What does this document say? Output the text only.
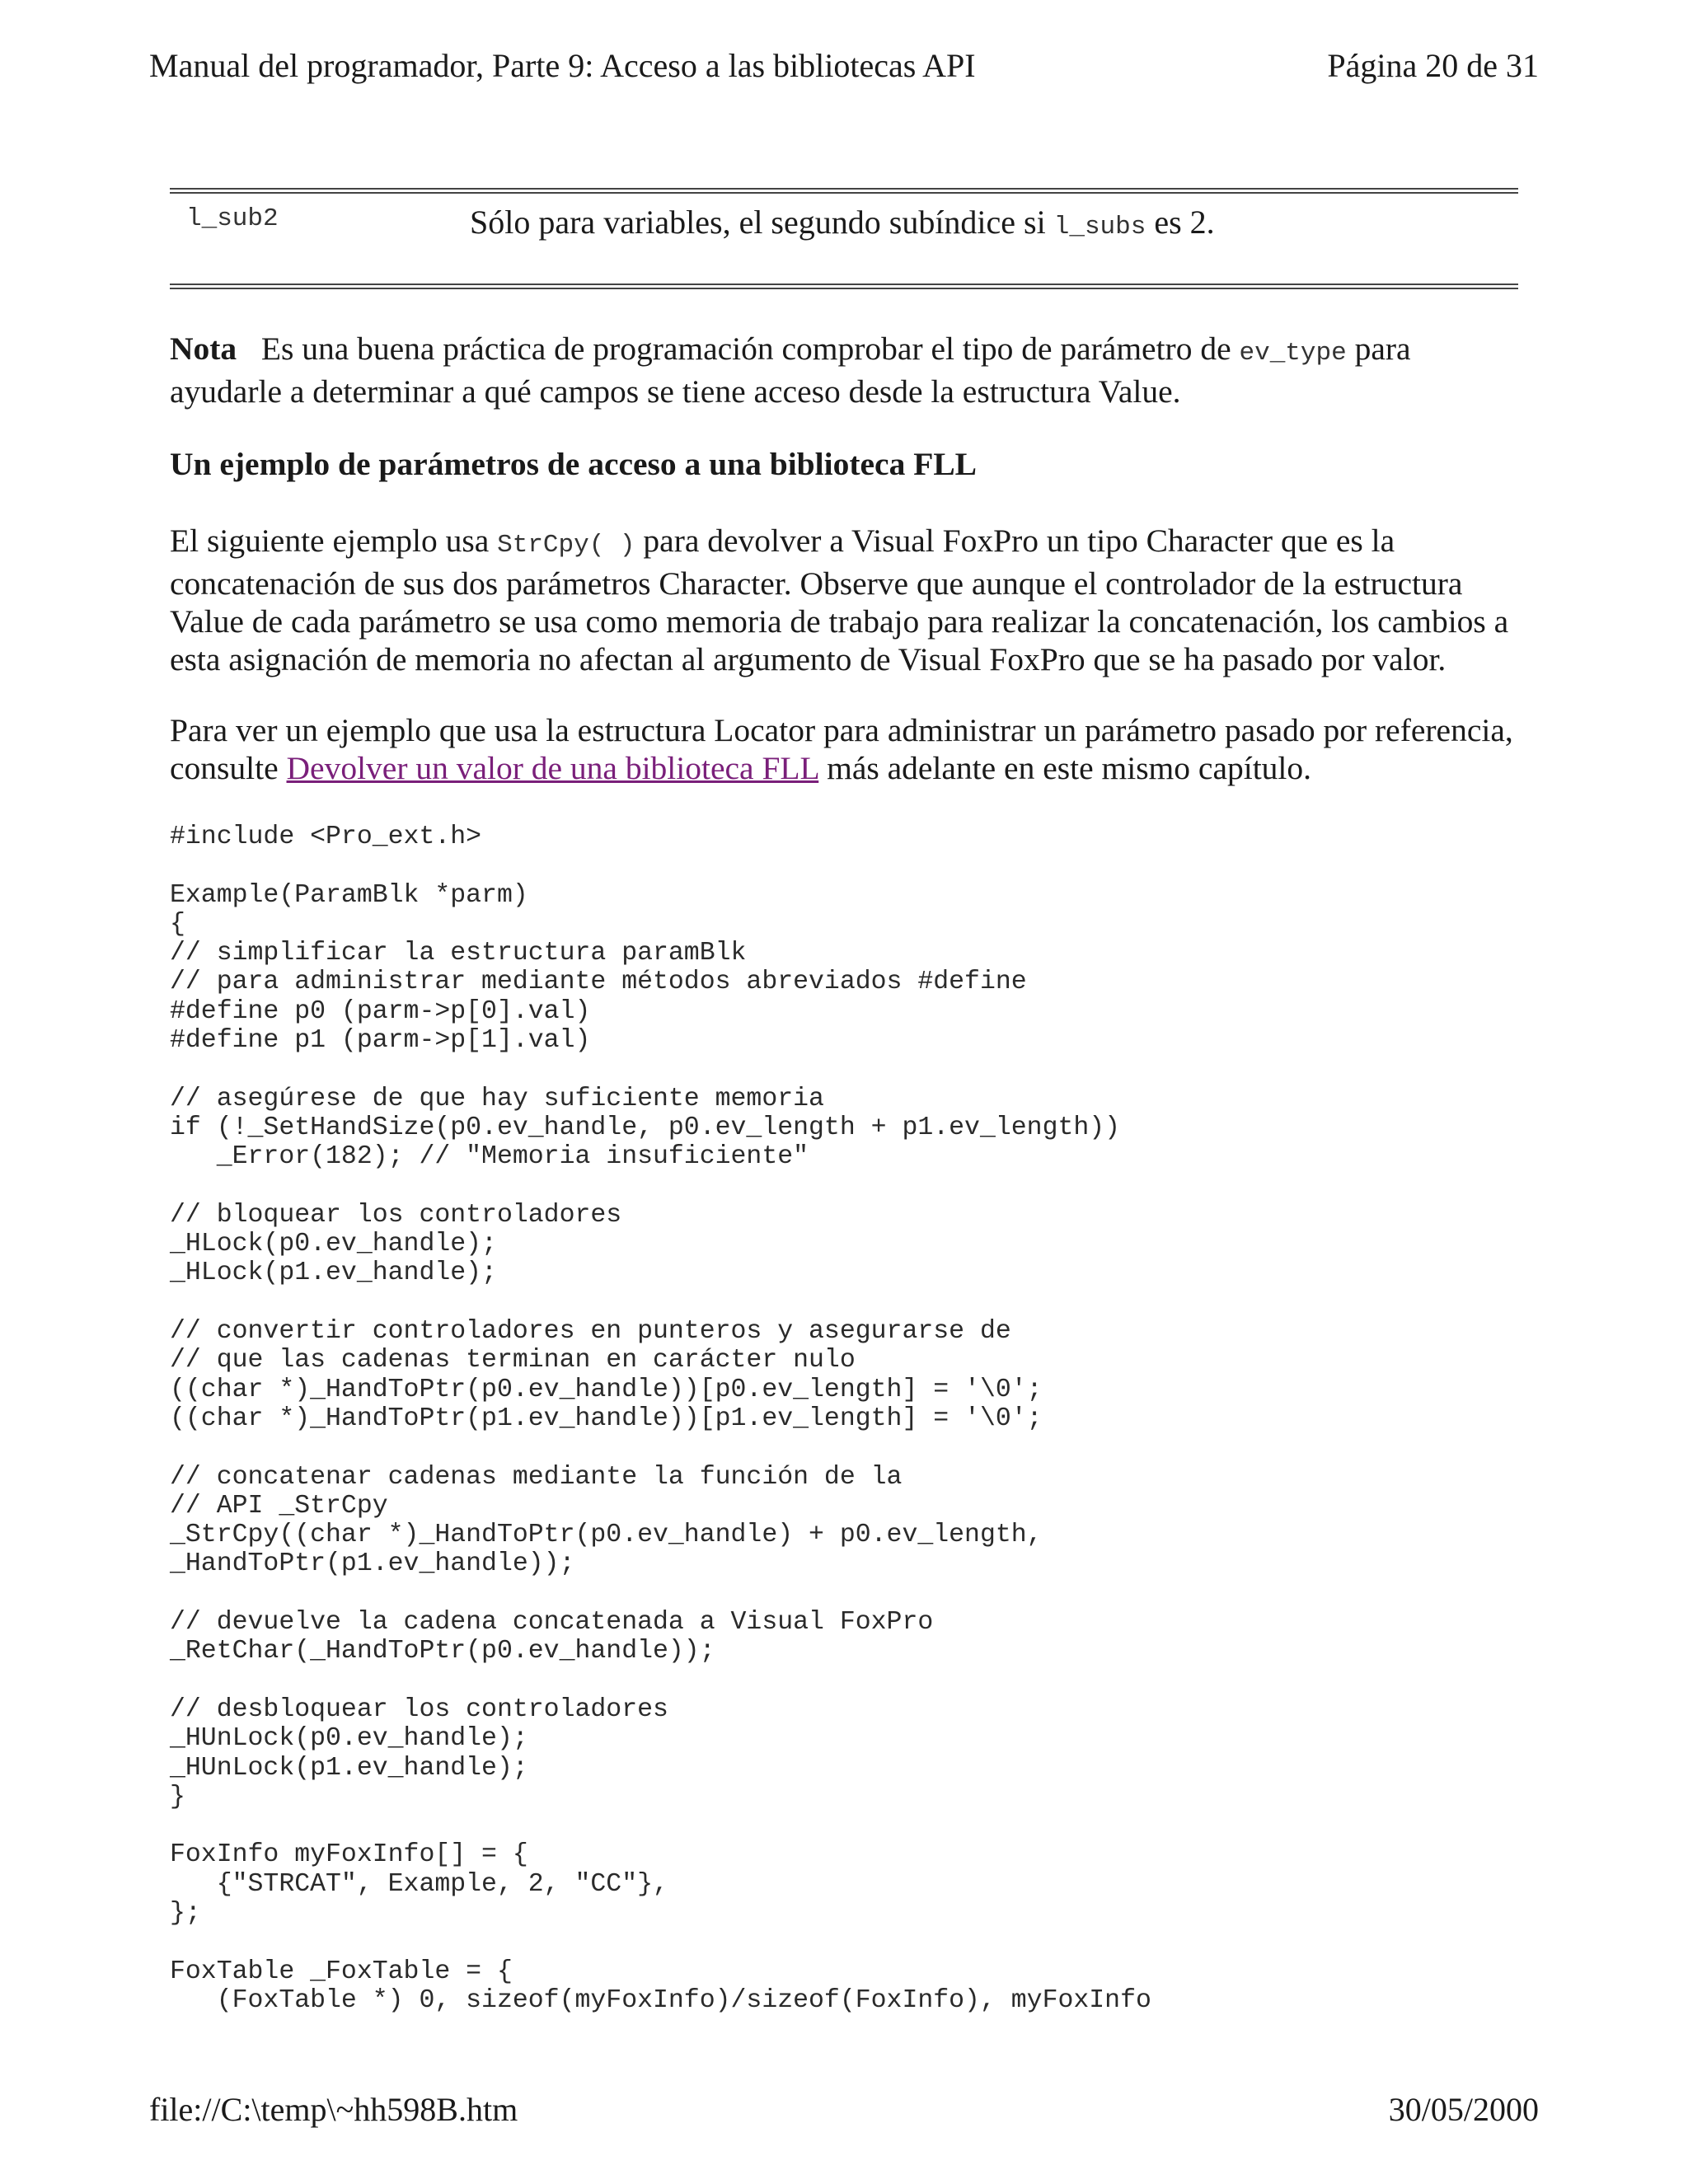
Manual del programador, Parte 9: Acceso a las bibliotecas API	Página 20 de 31
l_sub2	Sólo para variables, el segundo subíndice si l_subs es 2.

Nota Es una buena práctica de programación comprobar el tipo de parámetro de ev_type para ayudarle a determinar a qué campos se tiene acceso desde la estructura Value.

Un ejemplo de parámetros de acceso a una biblioteca FLL

El siguiente ejemplo usa StrCpy( ) para devolver a Visual FoxPro un tipo Character que es la concatenación de sus dos parámetros Character. Observe que aunque el controlador de la estructura Value de cada parámetro se usa como memoria de trabajo para realizar la concatenación, los cambios a esta asignación de memoria no afectan al argumento de Visual FoxPro que se ha pasado por valor.

Para ver un ejemplo que usa la estructura Locator para administrar un parámetro pasado por referencia, consulte Devolver un valor de una biblioteca FLL más adelante en este mismo capítulo.

#include <Pro_ext.h>
Example(ParamBlk *parm)
{
// simplificar la estructura paramBlk
// para administrar mediante métodos abreviados #define
#define p0 (parm->p[0].val)
#define p1 (parm->p[1].val)
// asegúrese de que hay suficiente memoria
if (!_SetHandSize(p0.ev_handle, p0.ev_length + p1.ev_length))
_Error(182); // "Memoria insuficiente"
// bloquear los controladores
_HLock(p0.ev_handle);
_HLock(p1.ev_handle);
// convertir controladores en punteros y asegurarse de
// que las cadenas terminan en carácter nulo
((char *)_HandToPtr(p0.ev_handle))[p0.ev_length] = '\0';
((char *)_HandToPtr(p1.ev_handle))[p1.ev_length] = '\0';
// concatenar cadenas mediante la función de la
// API _StrCpy
_StrCpy((char *)_HandToPtr(p0.ev_handle) + p0.ev_length,
_HandToPtr(p1.ev_handle));
// devuelve la cadena concatenada a Visual FoxPro
_RetChar(_HandToPtr(p0.ev_handle));
// desbloquear los controladores
_HUnLock(p0.ev_handle);
_HUnLock(p1.ev_handle);
}
FoxInfo myFoxInfo[] = {
{"STRCAT", Example, 2, "CC"},
};
FoxTable _FoxTable = {
(FoxTable *) 0, sizeof(myFoxInfo)/sizeof(FoxInfo), myFoxInfo
file://C:\temp\~hh598B.htm	30/05/2000
